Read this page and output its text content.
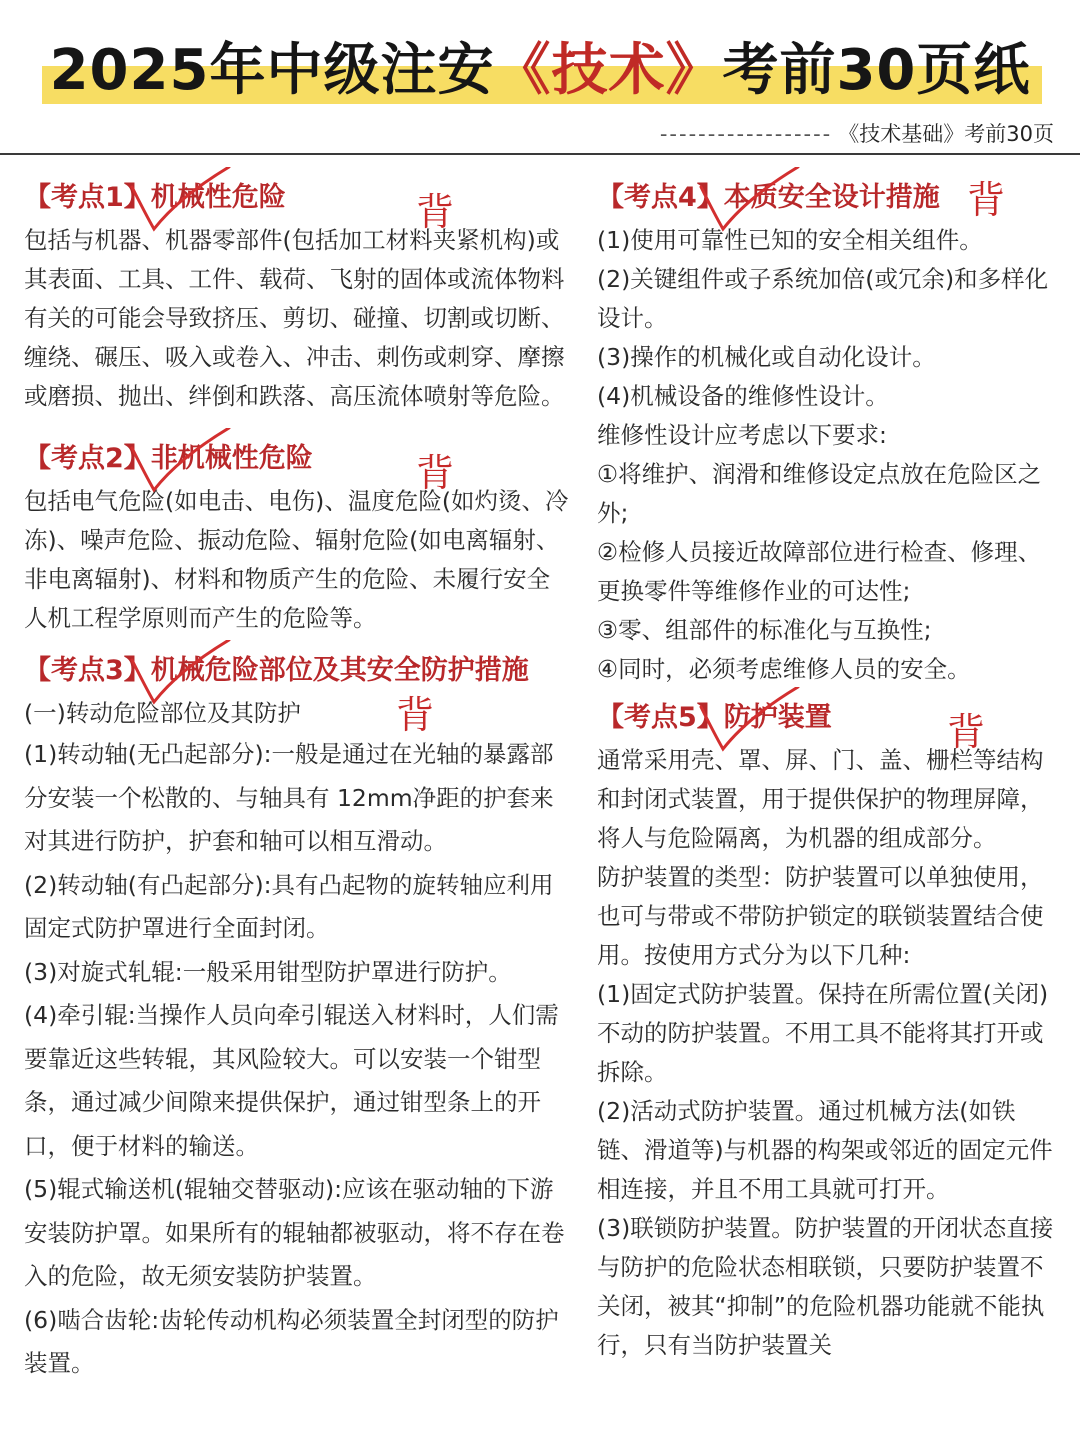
2025年中级注安《技术》考前30页纸
------------------ 《技术基础》考前30页
【考点1】机械性危险	背

包括与机器、机器零部件(包括加工材料夹紧机构)或其表面、工具、工件、载荷、飞射的固体或流体物料有关的可能会导致挤压、剪切、碰撞、切割或切断、缠绕、碾压、吸入或卷入、冲击、刺伤或刺穿、摩擦或磨损、抛出、绊倒和跌落、高压流体喷射等危险。

【考点2】非机械性危险	背

包括电气危险(如电击、电伤)、温度危险(如灼烫、冷冻)、噪声危险、振动危险、辐射危险(如电离辐射、非电离辐射)、材料和物质产生的危险、未履行安全人机工程学原则而产生的危险等。

【考点3】机械危险部位及其安全防护措施
背

(一)转动危险部位及其防护

(1)转动轴(无凸起部分):一般是通过在光轴的暴露部分安装一个松散的、与轴具有 12mm净距的护套来对其进行防护，护套和轴可以相互滑动。

(2)转动轴(有凸起部分):具有凸起物的旋转轴应利用固定式防护罩进行全面封闭。

(3)对旋式轧辊:一般采用钳型防护罩进行防护。

(4)牵引辊:当操作人员向牵引辊送入材料时，人们需要靠近这些转辊，其风险较大。可以安装一个钳型条，通过减少间隙来提供保护，通过钳型条上的开口，便于材料的输送。

(5)辊式输送机(辊轴交替驱动):应该在驱动轴的下游安装防护罩。如果所有的辊轴都被驱动，将不存在卷入的危险，故无须安装防护装置。

(6)啮合齿轮:齿轮传动机构必须装置全封闭型的防护装置。

【考点4】本质安全设计措施 背

(1)使用可靠性已知的安全相关组件。

(2)关键组件或子系统加倍(或冗余)和多样化设计。

(3)操作的机械化或自动化设计。

(4)机械设备的维修性设计。

维修性设计应考虑以下要求:

①将维护、润滑和维修设定点放在危险区之外;

②检修人员接近故障部位进行检查、修理、更换零件等维修作业的可达性;

③零、组部件的标准化与互换性;

④同时，必须考虑维修人员的安全。

【考点5】防护装置	背

通常采用壳、罩、屏、门、盖、栅栏等结构和封闭式装置，用于提供保护的物理屏障，将人与危险隔离，为机器的组成部分。

防护装置的类型：防护装置可以单独使用，也可与带或不带防护锁定的联锁装置结合使用。按使用方式分为以下几种:

(1)固定式防护装置。保持在所需位置(关闭)不动的防护装置。不用工具不能将其打开或拆除。

(2)活动式防护装置。通过机械方法(如铁链、滑道等)与机器的构架或邻近的固定元件相连接，并且不用工具就可打开。

(3)联锁防护装置。防护装置的开闭状态直接与防护的危险状态相联锁，只要防护装置不关闭，被其“抑制”的危险机器功能就不能执行，只有当防护装置关
